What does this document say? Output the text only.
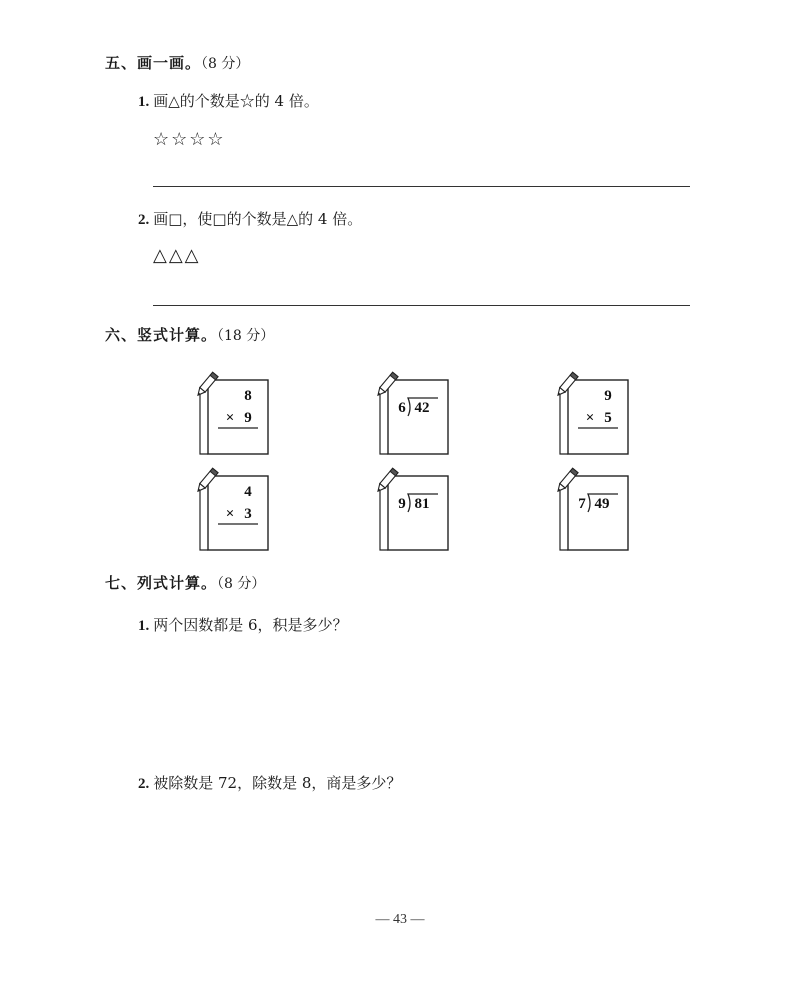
五、画一画。（8 分）
1. 画△的个数是☆的 4 倍。
☆☆☆☆
2. 画□，使□的个数是△的 4 倍。
△△△
六、竖式计算。（18 分）
8
× 9
6 42
9
× 5
4
× 3
9 81	7 49
七、列式计算。（8 分）
1. 两个因数都是 6，积是多少？
2. 被除数是 72，除数是 8，商是多少？
— 43 —
